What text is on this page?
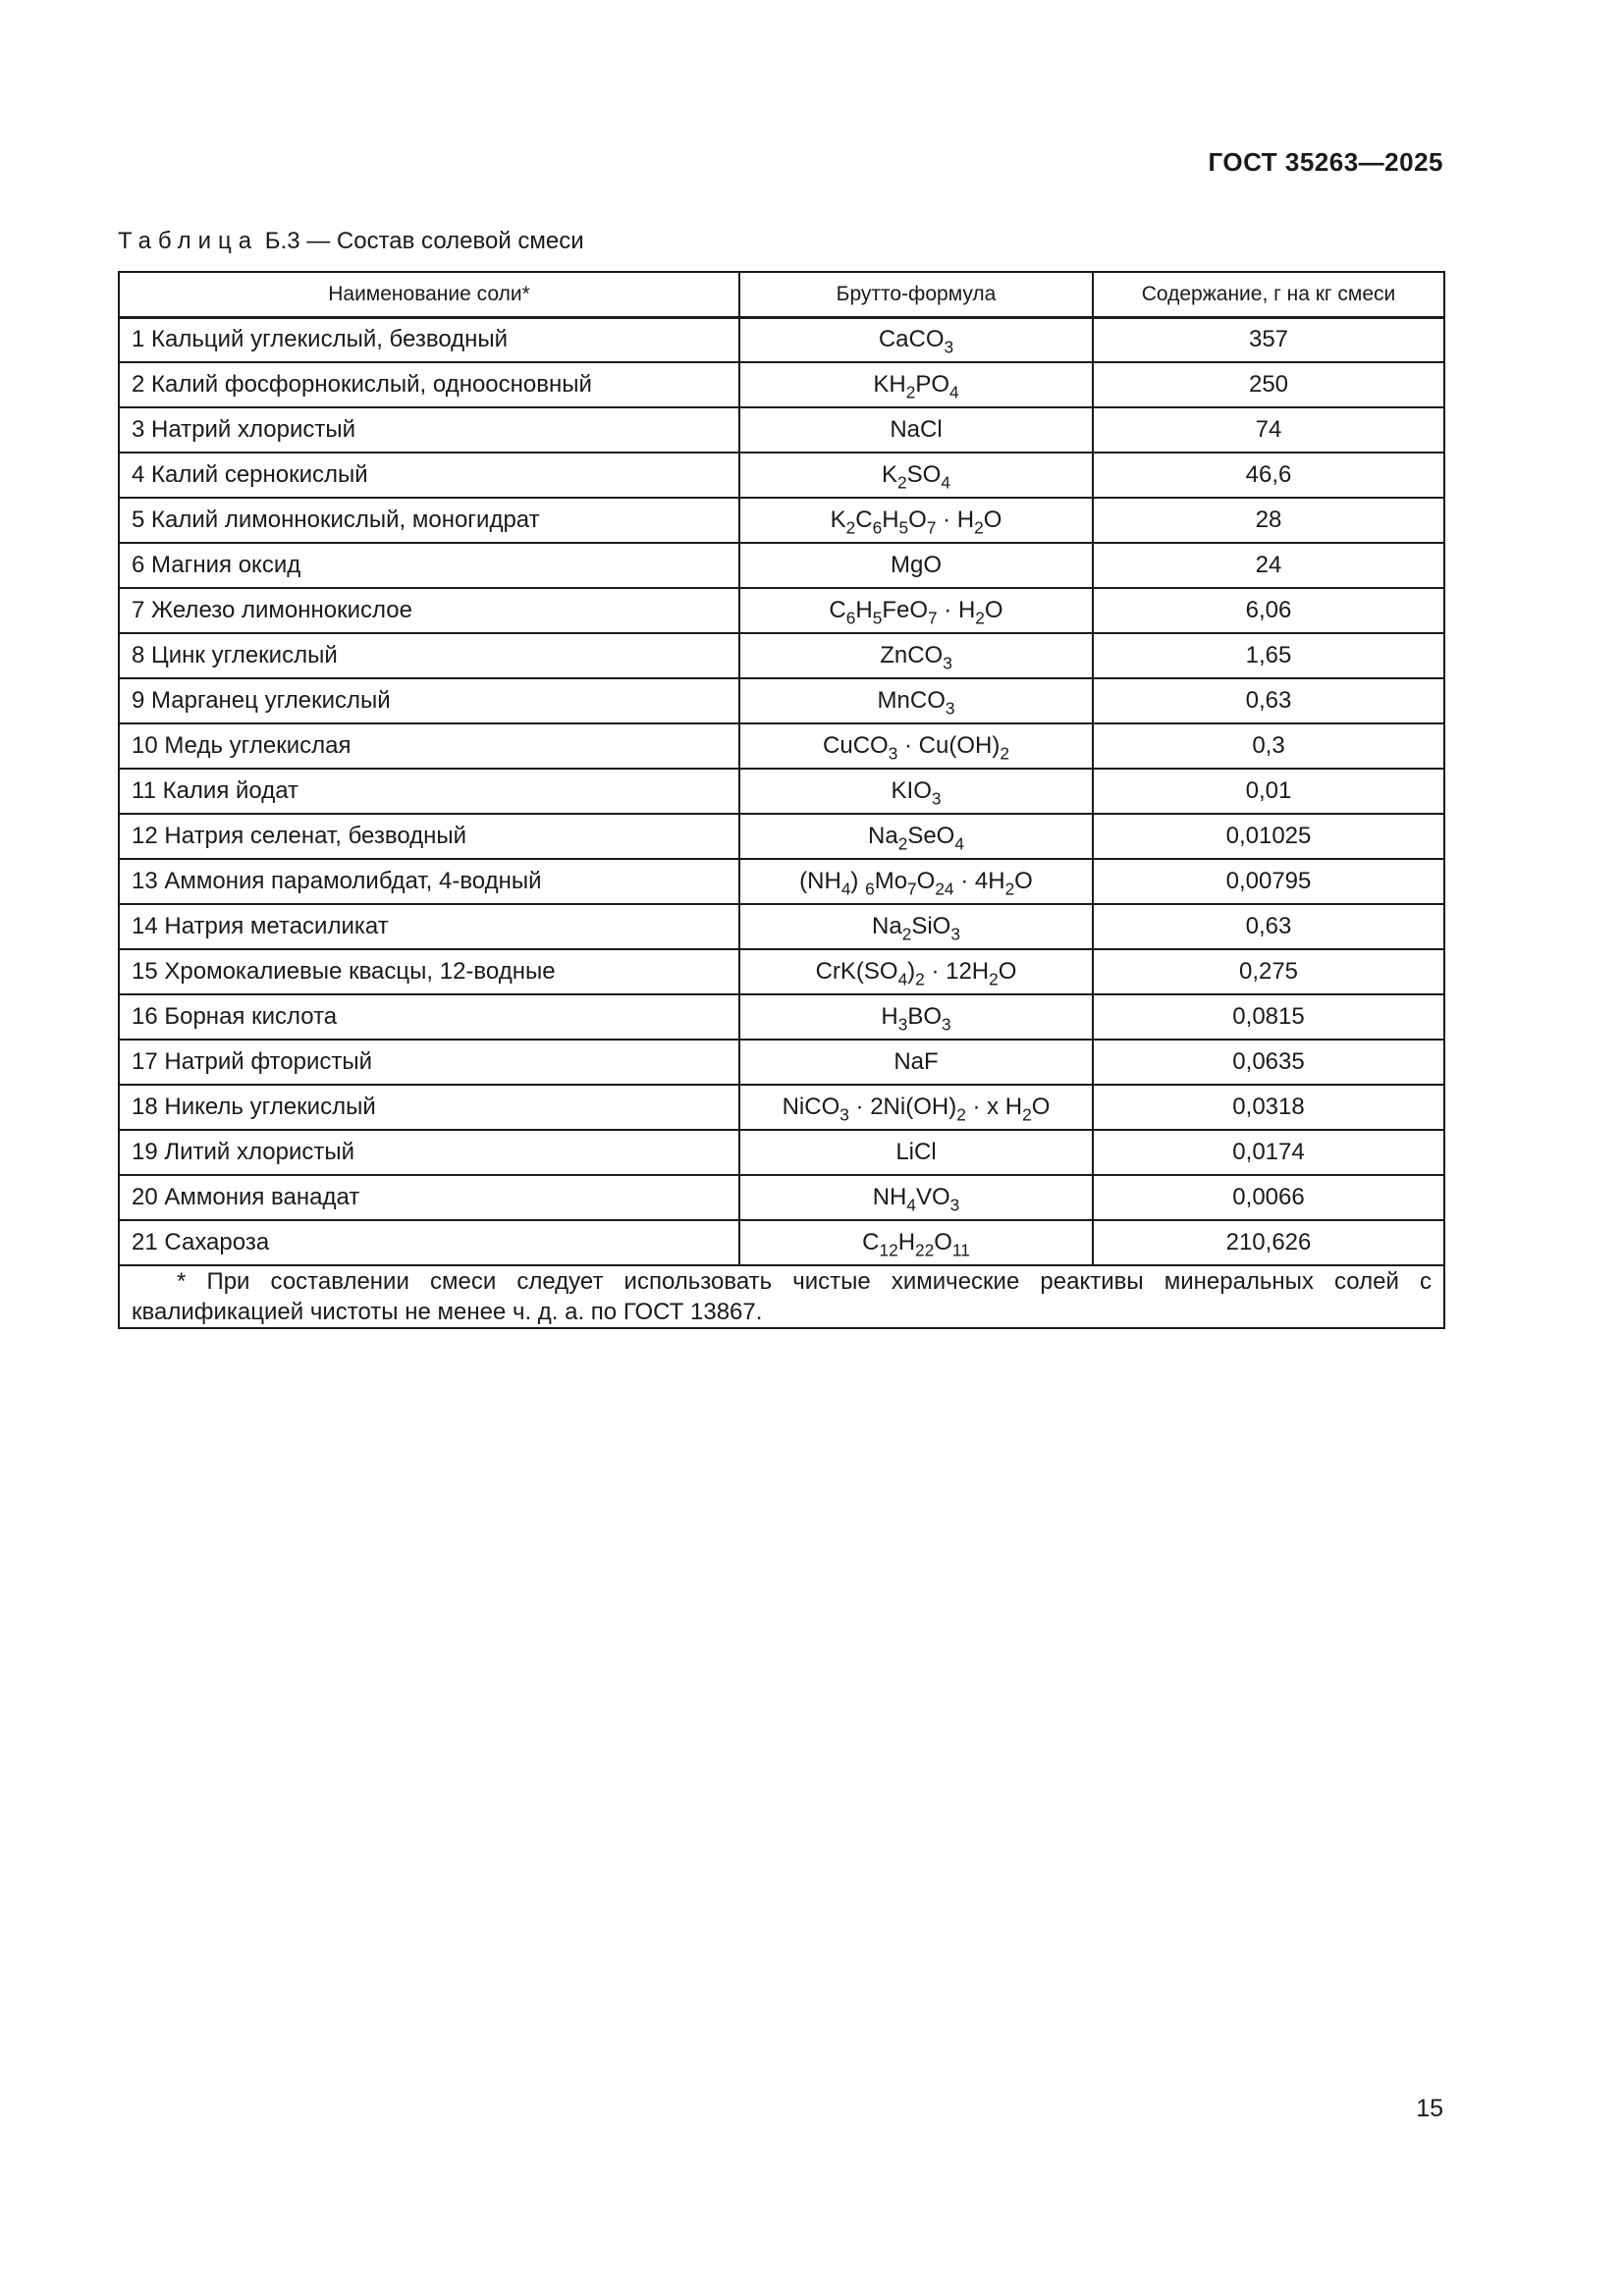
ГОСТ 35263—2025
Таблица Б.3 — Состав солевой смеси
Наименование соли*	Брутто-формула	Содержание, г на кг смеси
1 Кальций углекислый, безводный	CaCO$_3$	357
2 Калий фосфорнокислый, одноосновный	$KH_2PO_4$	250
3 Натрий хлористый	NaCl	74
4 Калий сернокислый	$K_2SO_4$	46,6
5 Калий лимоннокислый, моногидрат	$K_2C_6H_5O_7 \cdot H_2O$	28
6 Магния оксид	MgO	24
7 Железо лимоннокислое	$C_6H_5FeO_7 \cdot H_2O$	6,06
8 Цинк углекислый	ZnCO$_3$	1,65
9 Марганец углекислый	MnCO$_3$	0,63
10 Медь углекислая	CuCO$_3$ · $Cu(OH)_2$	0,3
11 Калия йодат	$KIO_3$	0,01
12 Натрия селенат, безводный	$Na_2SeO_4$	0,01025
13 Аммония парамолибдат, 4-водный	$(NH_4) _6Mo_7O_{24} \cdot 4H_2O$	0,00795
14 Натрия метасиликат	$Na_2SiO_3$	0,63
15 Хромокалиевые квасцы, 12-водные	$CrK(SO_4)_2 \cdot 12H_2O$	0,275
16 Борная кислота	$H_3BO_3$	0,0815
17 Натрий фтористый	NaF	0,0635
18 Никель углекислый	NiCO$_3$ · $2Ni(OH)_2 \cdot x$ $H_2O$	0,0318
19 Литий хлористый	LiCl	0,0174
20 Аммония ванадат	$NH_4VO_3$	0,0066
21 Сахароза	$C_{12}H_{22}O_{11}$	210,626
* При составлении смеси следует использовать чистые химические реактивы минеральных солей с квалификацией чистоты не менее ч. д. а. по ГОСТ 13867.		
15
